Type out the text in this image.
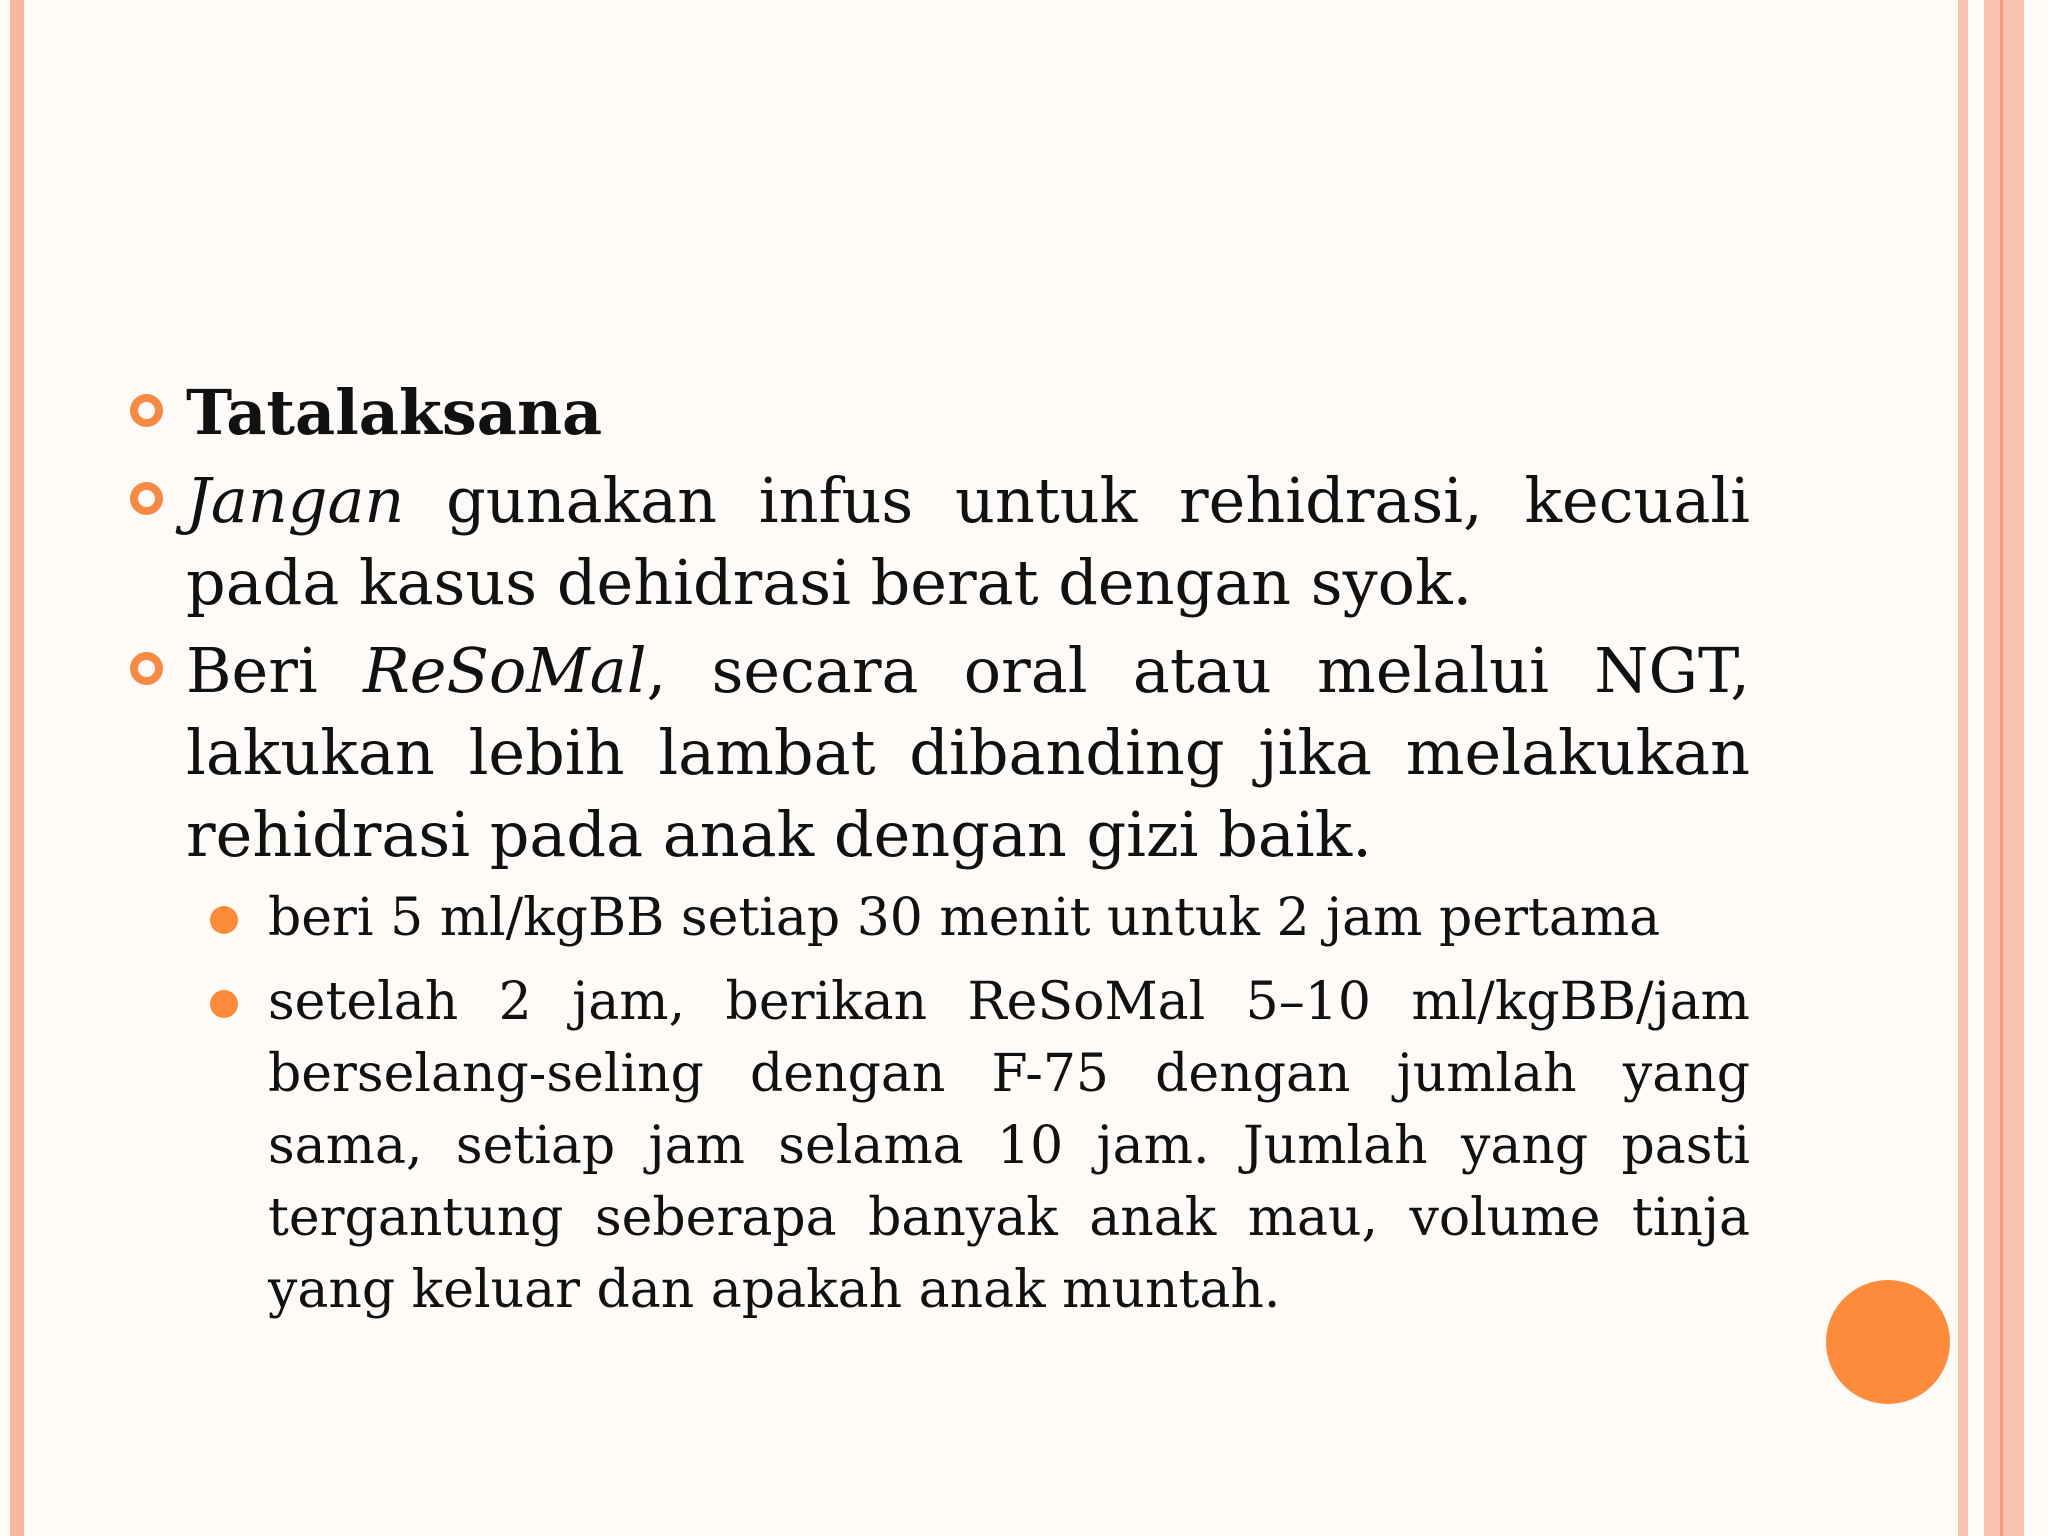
Tatalaksana
Jangan gunakan infus untuk rehidrasi, kecuali pada kasus dehidrasi berat dengan syok.
Beri ReSoMal, secara oral atau melalui NGT, lakukan lebih lambat dibanding jika melakukan rehidrasi pada anak dengan gizi baik.
beri 5 ml/kgBB setiap 30 menit untuk 2 jam pertama
setelah 2 jam, berikan ReSoMal 5–10 ml/kgBB/jam berselang-seling dengan F-75 dengan jumlah yang sama, setiap jam selama 10 jam. Jumlah yang pasti tergantung seberapa banyak anak mau, volume tinja yang keluar dan apakah anak muntah.
